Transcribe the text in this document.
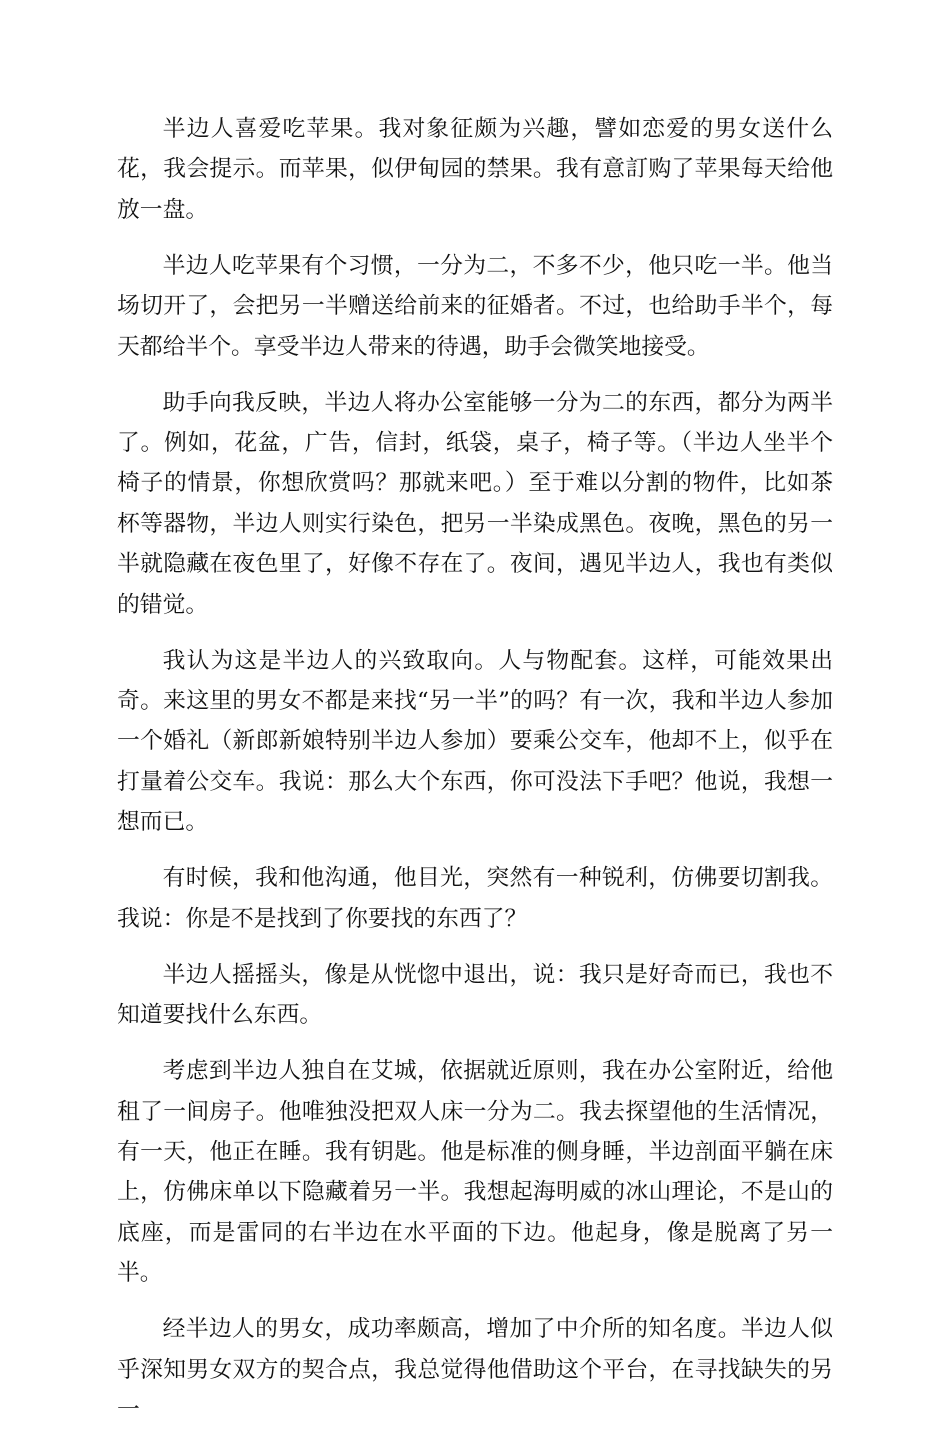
半边人喜爱吃苹果。我对象征颇为兴趣，譬如恋爱的男女送什么花，我会提示。而苹果，似伊甸园的禁果。我有意訂购了苹果每天给他放一盘。

半边人吃苹果有个习惯，一分为二，不多不少，他只吃一半。他当场切开了，会把另一半赠送给前来的征婚者。不过，也给助手半个，每天都给半个。享受半边人带来的待遇，助手会微笑地接受。

助手向我反映，半边人将办公室能够一分为二的东西，都分为两半了。例如，花盆，广告，信封，纸袋，桌子，椅子等。（半边人坐半个椅子的情景，你想欣赏吗？那就来吧。）至于难以分割的物件，比如茶杯等器物，半边人则实行染色，把另一半染成黑色。夜晚，黑色的另一半就隐藏在夜色里了，好像不存在了。夜间，遇见半边人，我也有类似的错觉。

我认为这是半边人的兴致取向。人与物配套。这样，可能效果出奇。来这里的男女不都是来找“另一半”的吗？有一次，我和半边人参加一个婚礼（新郎新娘特别半边人参加）要乘公交车，他却不上，似乎在打量着公交车。我说：那么大个东西，你可没法下手吧？他说，我想一想而已。

有时候，我和他沟通，他目光，突然有一种锐利，仿佛要切割我。我说：你是不是找到了你要找的东西了？

半边人摇摇头，像是从恍惚中退出，说：我只是好奇而已，我也不知道要找什么东西。

考虑到半边人独自在艾城，依据就近原则，我在办公室附近，给他租了一间房子。他唯独没把双人床一分为二。我去探望他的生活情况，有一天，他正在睡。我有钥匙。他是标准的侧身睡，半边剖面平躺在床上，仿佛床单以下隐藏着另一半。我想起海明威的冰山理论，不是山的底座，而是雷同的右半边在水平面的下边。他起身，像是脱离了另一半。

经半边人的男女，成功率颇高，增加了中介所的知名度。半边人似乎深知男女双方的契合点，我总觉得他借助这个平台，在寻找缺失的另一
